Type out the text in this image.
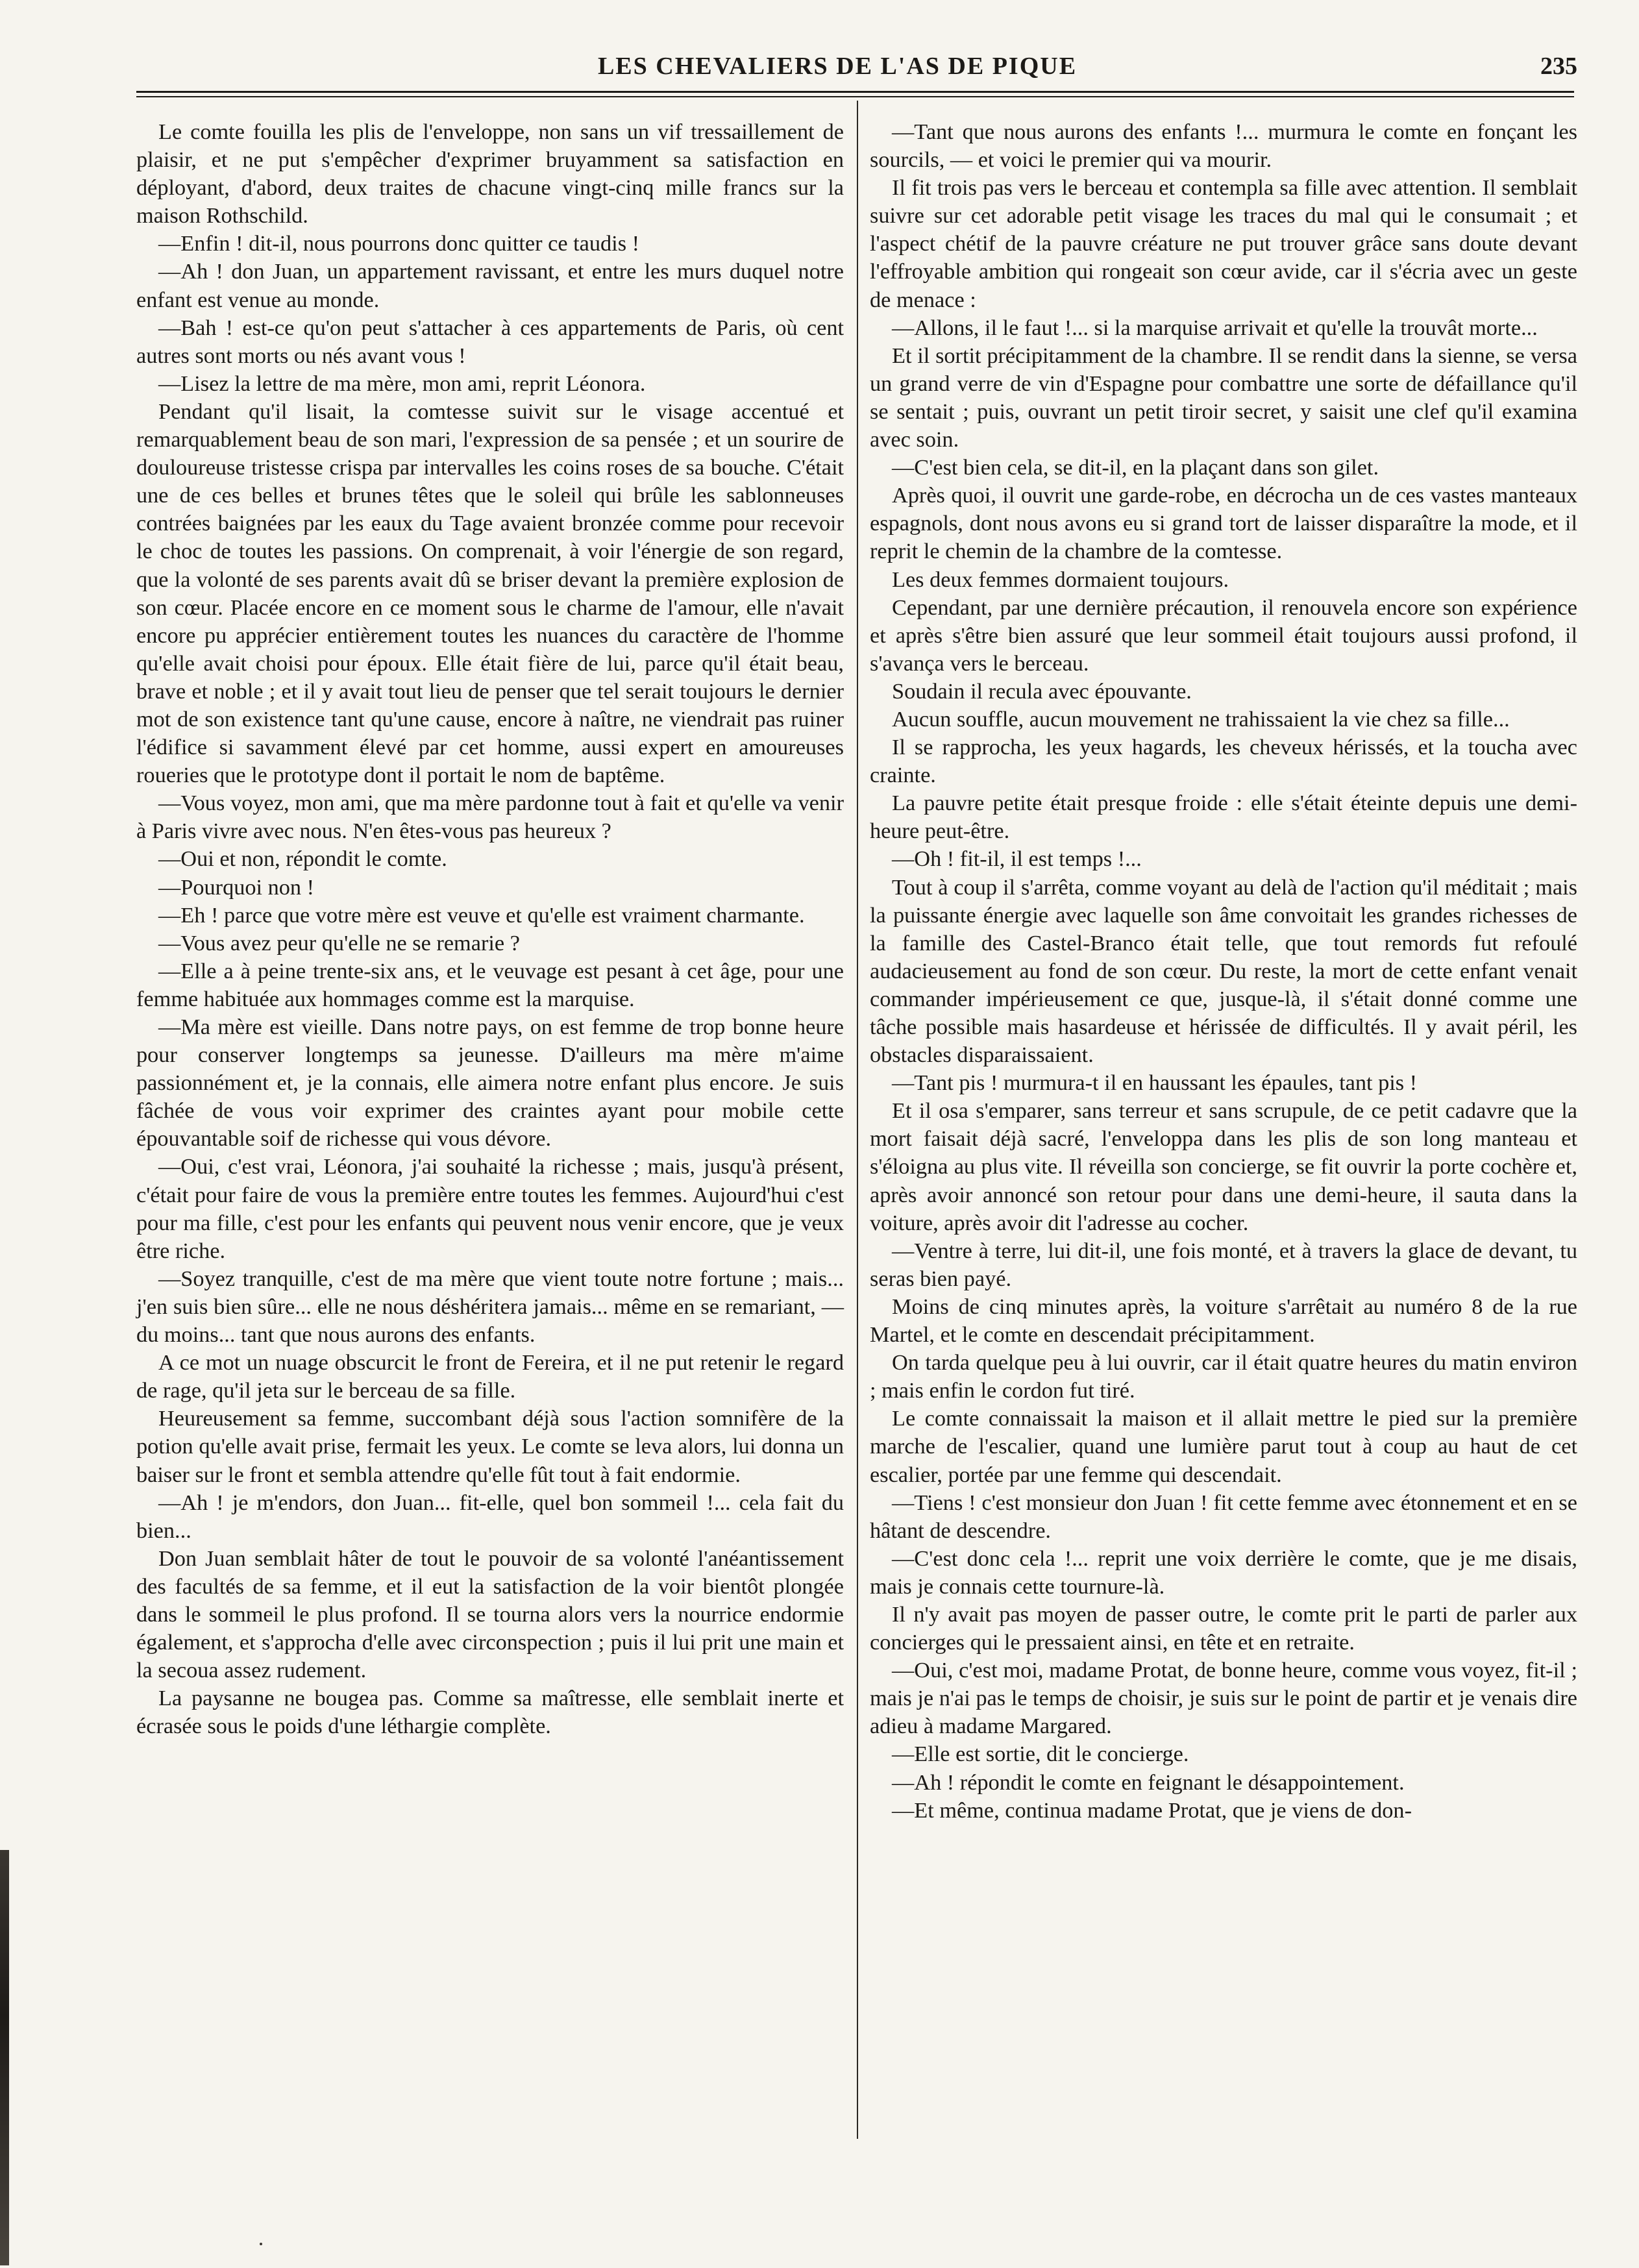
LES CHEVALIERS DE L'AS DE PIQUE	235

Le comte fouilla les plis de l'enveloppe, non sans un vif tressaillement de plaisir, et ne put s'empêcher d'exprimer bruyamment sa satisfaction en déployant, d'abord, deux traites de chacune vingt-cinq mille francs sur la maison Rothschild.

—Enfin ! dit-il, nous pourrons donc quitter ce taudis !

—Ah ! don Juan, un appartement ravissant, et entre les murs duquel notre enfant est venue au monde.

—Bah ! est-ce qu'on peut s'attacher à ces appartements de Paris, où cent autres sont morts ou nés avant vous !

—Lisez la lettre de ma mère, mon ami, reprit Léonora.

Pendant qu'il lisait, la comtesse suivit sur le visage accentué et remarquablement beau de son mari, l'expression de sa pensée ; et un sourire de douloureuse tristesse crispa par intervalles les coins roses de sa bouche. C'était une de ces belles et brunes têtes que le soleil qui brûle les sablonneuses contrées baignées par les eaux du Tage avaient bronzée comme pour recevoir le choc de toutes les passions. On comprenait, à voir l'énergie de son regard, que la volonté de ses parents avait dû se briser devant la première explosion de son cœur. Placée encore en ce moment sous le charme de l'amour, elle n'avait encore pu apprécier entièrement toutes les nuances du caractère de l'homme qu'elle avait choisi pour époux. Elle était fière de lui, parce qu'il était beau, brave et noble ; et il y avait tout lieu de penser que tel serait toujours le dernier mot de son existence tant qu'une cause, encore à naître, ne viendrait pas ruiner l'édifice si savamment élevé par cet homme, aussi expert en amoureuses roueries que le prototype dont il portait le nom de baptême.

—Vous voyez, mon ami, que ma mère pardonne tout à fait et qu'elle va venir à Paris vivre avec nous. N'en êtes-vous pas heureux ?

—Oui et non, répondit le comte.

—Pourquoi non !

—Eh ! parce que votre mère est veuve et qu'elle est vraiment charmante.

—Vous avez peur qu'elle ne se remarie ?

—Elle a à peine trente-six ans, et le veuvage est pesant à cet âge, pour une femme habituée aux hommages comme est la marquise.

—Ma mère est vieille. Dans notre pays, on est femme de trop bonne heure pour conserver longtemps sa jeunesse. D'ailleurs ma mère m'aime passionnément et, je la connais, elle aimera notre enfant plus encore. Je suis fâchée de vous voir exprimer des craintes ayant pour mobile cette épouvantable soif de richesse qui vous dévore.

—Oui, c'est vrai, Léonora, j'ai souhaité la richesse ; mais, jusqu'à présent, c'était pour faire de vous la première entre toutes les femmes. Aujourd'hui c'est pour ma fille, c'est pour les enfants qui peuvent nous venir encore, que je veux être riche.

—Soyez tranquille, c'est de ma mère que vient toute notre fortune ; mais... j'en suis bien sûre... elle ne nous déshéritera jamais... même en se remariant, — du moins... tant que nous aurons des enfants.

A ce mot un nuage obscurcit le front de Fereira, et il ne put retenir le regard de rage, qu'il jeta sur le berceau de sa fille.

Heureusement sa femme, succombant déjà sous l'action somnifère de la potion qu'elle avait prise, fermait les yeux. Le comte se leva alors, lui donna un baiser sur le front et sembla attendre qu'elle fût tout à fait endormie.

—Ah ! je m'endors, don Juan... fit-elle, quel bon sommeil !... cela fait du bien...

Don Juan semblait hâter de tout le pouvoir de sa volonté l'anéantissement des facultés de sa femme, et il eut la satisfaction de la voir bientôt plongée dans le sommeil le plus profond. Il se tourna alors vers la nourrice endormie également, et s'approcha d'elle avec circonspection ; puis il lui prit une main et la secoua assez rudement.

La paysanne ne bougea pas. Comme sa maîtresse, elle semblait inerte et écrasée sous le poids d'une léthargie complète.

—Tant que nous aurons des enfants !... murmura le comte en fonçant les sourcils, — et voici le premier qui va mourir.

Il fit trois pas vers le berceau et contempla sa fille avec attention. Il semblait suivre sur cet adorable petit visage les traces du mal qui le consumait ; et l'aspect chétif de la pauvre créature ne put trouver grâce sans doute devant l'effroyable ambition qui rongeait son cœur avide, car il s'écria avec un geste de menace :

—Allons, il le faut !... si la marquise arrivait et qu'elle la trouvât morte...

Et il sortit précipitamment de la chambre. Il se rendit dans la sienne, se versa un grand verre de vin d'Espagne pour combattre une sorte de défaillance qu'il se sentait ; puis, ouvrant un petit tiroir secret, y saisit une clef qu'il examina avec soin.

—C'est bien cela, se dit-il, en la plaçant dans son gilet.

Après quoi, il ouvrit une garde-robe, en décrocha un de ces vastes manteaux espagnols, dont nous avons eu si grand tort de laisser disparaître la mode, et il reprit le chemin de la chambre de la comtesse.

Les deux femmes dormaient toujours.

Cependant, par une dernière précaution, il renouvela encore son expérience et après s'être bien assuré que leur sommeil était toujours aussi profond, il s'avança vers le berceau.

Soudain il recula avec épouvante.

Aucun souffle, aucun mouvement ne trahissaient la vie chez sa fille...

Il se rapprocha, les yeux hagards, les cheveux hérissés, et la toucha avec crainte.

La pauvre petite était presque froide : elle s'était éteinte depuis une demi-heure peut-être.

—Oh ! fit-il, il est temps !...

Tout à coup il s'arrêta, comme voyant au delà de l'action qu'il méditait ; mais la puissante énergie avec laquelle son âme convoitait les grandes richesses de la famille des Castel-Branco était telle, que tout remords fut refoulé audacieusement au fond de son cœur. Du reste, la mort de cette enfant venait commander impérieusement ce que, jusque-là, il s'était donné comme une tâche possible mais hasardeuse et hérissée de difficultés. Il y avait péril, les obstacles disparaissaient.

—Tant pis ! murmura-t il en haussant les épaules, tant pis !

Et il osa s'emparer, sans terreur et sans scrupule, de ce petit cadavre que la mort faisait déjà sacré, l'enveloppa dans les plis de son long manteau et s'éloigna au plus vite. Il réveilla son concierge, se fit ouvrir la porte cochère et, après avoir annoncé son retour pour dans une demi-heure, il sauta dans la voiture, après avoir dit l'adresse au cocher.

—Ventre à terre, lui dit-il, une fois monté, et à travers la glace de devant, tu seras bien payé.

Moins de cinq minutes après, la voiture s'arrêtait au numéro 8 de la rue Martel, et le comte en descendait précipitamment.

On tarda quelque peu à lui ouvrir, car il était quatre heures du matin environ ; mais enfin le cordon fut tiré.

Le comte connaissait la maison et il allait mettre le pied sur la première marche de l'escalier, quand une lumière parut tout à coup au haut de cet escalier, portée par une femme qui descendait.

—Tiens ! c'est monsieur don Juan ! fit cette femme avec étonnement et en se hâtant de descendre.

—C'est donc cela !... reprit une voix derrière le comte, que je me disais, mais je connais cette tournure-là.

Il n'y avait pas moyen de passer outre, le comte prit le parti de parler aux concierges qui le pressaient ainsi, en tête et en retraite.

—Oui, c'est moi, madame Protat, de bonne heure, comme vous voyez, fit-il ; mais je n'ai pas le temps de choisir, je suis sur le point de partir et je venais dire adieu à madame Margared.

—Elle est sortie, dit le concierge.

—Ah ! répondit le comte en feignant le désappointement.

—Et même, continua madame Protat, que je viens de don-
